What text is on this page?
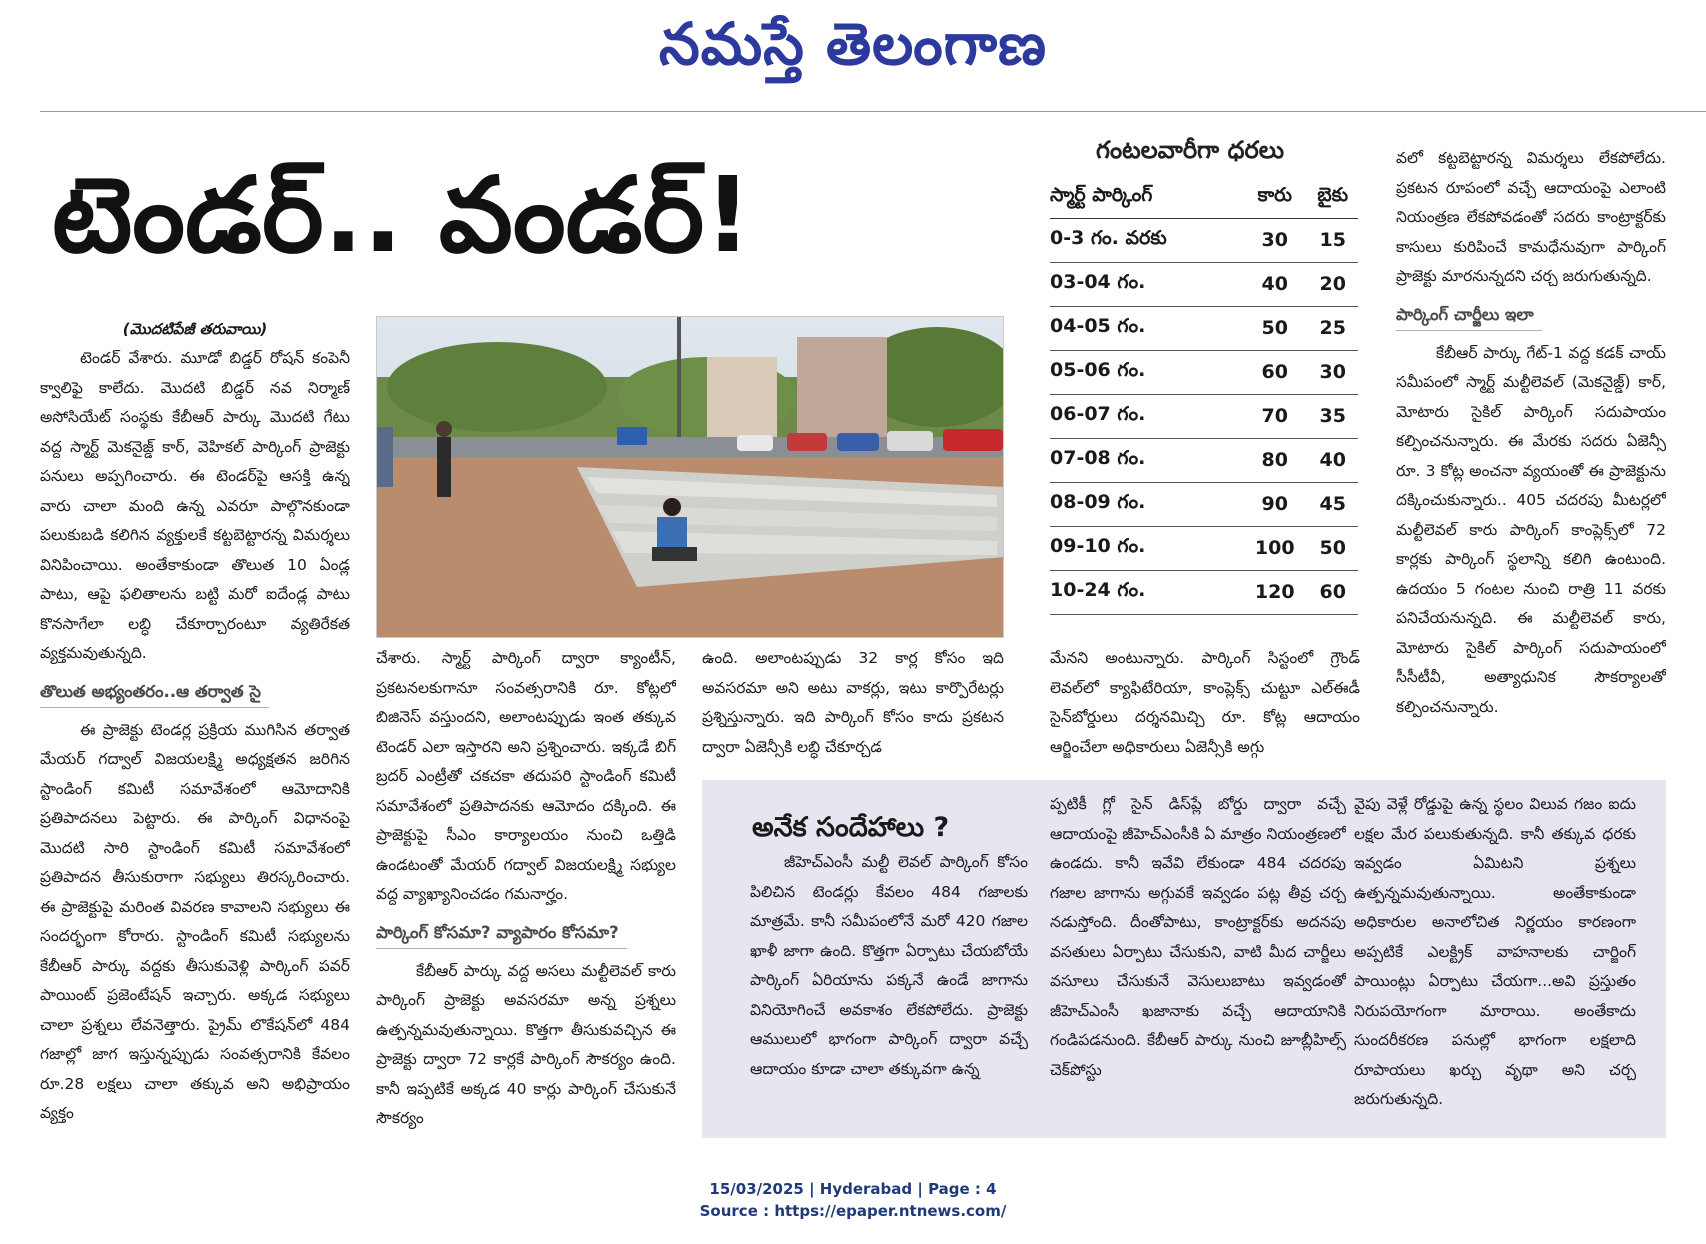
నమస్తే తెలంగాణ
టెండర్.. వండర్!
(మొదటిపేజీ తరువాయి)

టెండర్ వేశారు. మూడో బిడ్డర్ రోషన్ కంపెనీ క్వాలిఫై కాలేదు. మొదటి బిడ్డర్ నవ నిర్మాణ్ అసోసియేట్ సంస్థకు కేబీఆర్ పార్కు మొదటి గేటు వద్ద స్మార్ట్ మెకనైజ్డ్ కార్, వెహికల్ పార్కింగ్ ప్రాజెక్టు పనులు అప్పగించారు. ఈ టెండర్‌పై ఆసక్తి ఉన్న వారు చాలా మంది ఉన్న ఎవరూ పాల్గొనకుండా పలుకుబడి కలిగిన వ్యక్తులకే కట్టబెట్టారన్న విమర్శలు వినిపించాయి. అంతేకాకుండా తొలుత 10 ఏండ్ల పాటు, ఆపై ఫలితాలను బట్టి మరో ఐదేండ్ల పాటు కొనసాగేలా లబ్ధి చేకూర్చారంటూ వ్యతిరేకత వ్యక్తమవుతున్నది.

తొలుత అభ్యంతరం..ఆ తర్వాత సై

ఈ ప్రాజెక్టు టెండర్ల ప్రక్రియ ముగిసిన తర్వాత మేయర్ గద్వాల్ విజయలక్ష్మి అధ్యక్షతన జరిగిన స్టాండింగ్ కమిటీ సమావేశంలో ఆమోదానికి ప్రతిపాదనలు పెట్టారు. ఈ పార్కింగ్ విధానంపై మొదటి సారి స్టాండింగ్ కమిటీ సమావేశంలో ప్రతిపాదన తీసుకురాగా సభ్యులు తిరస్కరించారు. ఈ ప్రాజెక్టుపై మరింత వివరణ కావాలని సభ్యులు ఈ సందర్భంగా కోరారు. స్టాండింగ్ కమిటీ సభ్యులను కేబీఆర్ పార్కు వద్దకు తీసుకువెళ్లి పార్కింగ్ పవర్ పాయింట్ ప్రజెంటేషన్ ఇచ్చారు. అక్కడ సభ్యులు చాలా ప్రశ్నలు లేవనెత్తారు. ప్రైమ్ లొకేషన్‌లో 484 గజాల్లో జాగ ఇస్తున్నప్పుడు సంవత్సరానికి కేవలం రూ.28 లక్షలు చాలా తక్కువ అని అభిప్రాయం వ్యక్తం

చేశారు. స్మార్ట్ పార్కింగ్ ద్వారా క్యాంటీన్, ప్రకటనలకుగానూ సంవత్సరానికి రూ. కోట్లలో బిజినెస్ వస్తుందని, అలాంటప్పుడు ఇంత తక్కువ టెండర్ ఎలా ఇస్తారని అని ప్రశ్నించారు. ఇక్కడే బిగ్ బ్రదర్ ఎంట్రీతో చకచకా తదుపరి స్టాండింగ్ కమిటీ సమావేశంలో ప్రతిపాదనకు ఆమోదం దక్కింది. ఈ ప్రాజెక్టుపై సీఎం కార్యాలయం నుంచి ఒత్తిడి ఉండటంతో మేయర్ గద్వాల్ విజయలక్ష్మి సభ్యుల వద్ద వ్యాఖ్యానించడం గమనార్హం.

పార్కింగ్ కోసమా? వ్యాపారం కోసమా?

కేబీఆర్ పార్కు వద్ద అసలు మల్టీలెవల్ కారు పార్కింగ్ ప్రాజెక్టు అవసరమా అన్న ప్రశ్నలు ఉత్పన్నమవుతున్నాయి. కొత్తగా తీసుకువచ్చిన ఈ ప్రాజెక్టు ద్వారా 72 కార్లకే పార్కింగ్ సౌకర్యం ఉంది. కానీ ఇప్పటికే అక్కడ 40 కార్లు పార్కింగ్ చేసుకునే సౌకర్యం

ఉంది. అలాంటప్పుడు 32 కార్ల కోసం ఇది అవసరమా అని అటు వాకర్లు, ఇటు కార్పొరేటర్లు ప్రశ్నిస్తున్నారు. ఇది పార్కింగ్ కోసం కాదు ప్రకటన ద్వారా ఏజెన్సీకి లబ్ధి చేకూర్చడ

మేనని అంటున్నారు. పార్కింగ్ సిస్టంలో గ్రౌండ్ లెవల్‌లో క్యాఫిటేరియా, కాంప్లెక్స్ చుట్టూ ఎల్ఈడీ సైన్‌బోర్డులు దర్శనమిచ్చి రూ. కోట్ల ఆదాయం ఆర్జించేలా అధికారులు ఏజెన్సీకి అగ్గు

వలో కట్టబెట్టారన్న విమర్శలు లేకపోలేదు. ప్రకటన రూపంలో వచ్చే ఆదాయంపై ఎలాంటి నియంత్రణ లేకపోవడంతో సదరు కాంట్రాక్టర్‌కు కాసులు కురిపించే కామధేనువుగా పార్కింగ్ ప్రాజెక్టు మారనున్నదని చర్చ జరుగుతున్నది.

పార్కింగ్ చార్జీలు ఇలా

కేబీఆర్ పార్కు గేట్-1 వద్ద కడక్ చాయ్ సమీపంలో స్మార్ట్ మల్టీలెవల్ (మెకనైజ్డ్) కార్, మోటారు సైకిల్ పార్కింగ్ సదుపాయం కల్పించనున్నారు. ఈ మేరకు సదరు ఏజెన్సీ రూ. 3 కోట్ల అంచనా వ్యయంతో ఈ ప్రాజెక్టును దక్కించుకున్నారు.. 405 చదరపు మీటర్లలో మల్టీలెవల్ కారు పార్కింగ్ కాంప్లెక్స్‌లో 72 కార్లకు పార్కింగ్ స్థలాన్ని కలిగి ఉంటుంది. ఉదయం 5 గంటల నుంచి రాత్రి 11 వరకు పనిచేయనున్నది. ఈ మల్టీలెవల్ కారు, మోటారు సైకిల్ పార్కింగ్ సదుపాయంలో సీసీటీవీ, అత్యాధునిక సౌకర్యాలతో కల్పించనున్నారు.

గంటలవారీగా ధరలు
స్మార్ట్ పార్కింగ్	కారు	బైకు
0-3 గం. వరకు	30	15
03-04 గం.	40	20
04-05 గం.	50	25
05-06 గం.	60	30
06-07 గం.	70	35
07-08 గం.	80	40
08-09 గం.	90	45
09-10 గం.	100	50
10-24 గం.	120	60
అనేక సందేహాలు ?
జీహెచ్ఎంసీ మల్టీ లెవల్ పార్కింగ్ కోసం పిలిచిన టెండర్లు కేవలం 484 గజాలకు మాత్రమే. కానీ సమీపంలోనే మరో 420 గజాల ఖాళీ జాగా ఉంది. కొత్తగా ఏర్పాటు చేయబోయే పార్కింగ్ ఏరియాను పక్కనే ఉండే జాగాను వినియోగించే అవకాశం లేకపోలేదు. ప్రాజెక్టు ఆములులో భాగంగా పార్కింగ్ ద్వారా వచ్చే ఆదాయం కూడా చాలా తక్కువగా ఉన్న
ప్పటికీ గ్లో సైన్ డిస్‌ప్లే బోర్డు ద్వారా వచ్చే ఆదాయంపై జీహెచ్ఎంసీకి ఏ మాత్రం నియంత్రణలో ఉండదు. కానీ ఇవేవి లేకుండా 484 చదరపు గజాల జాగాను అగ్గువకే ఇవ్వడం పట్ల తీవ్ర చర్చ నడుస్తోంది. దీంతోపాటు, కాంట్రాక్టర్‌కు అదనపు వసతులు ఏర్పాటు చేసుకుని, వాటి మీద చార్జీలు వసూలు చేసుకునే వెసులుబాటు ఇవ్వడంతో జీహెచ్ఎంసీ ఖజానాకు వచ్చే ఆదాయానికి గండిపడనుంది. కేబీఆర్ పార్కు నుంచి జూబ్లీహిల్స్ చెక్‌పోస్టు
వైపు వెళ్లే రోడ్డుపై ఉన్న స్థలం విలువ గజం ఐదు లక్షల మేర పలుకుతున్నది. కానీ తక్కువ ధరకు ఇవ్వడం ఏమిటని ప్రశ్నలు ఉత్పన్నమవుతున్నాయి. అంతేకాకుండా అధికారుల అనాలోచిత నిర్ణయం కారణంగా అప్పటికే ఎలక్ట్రిక్ వాహనాలకు చార్జింగ్ పాయింట్లు ఏర్పాటు చేయగా...అవి ప్రస్తుతం నిరుపయోగంగా మారాయి. అంతేకాదు సుందరీకరణ పనుల్లో భాగంగా లక్షలాది రూపాయలు ఖర్చు వృథా అని చర్చ జరుగుతున్నది.
15/03/2025 | Hyderabad | Page : 4
Source : https://epaper.ntnews.com/
